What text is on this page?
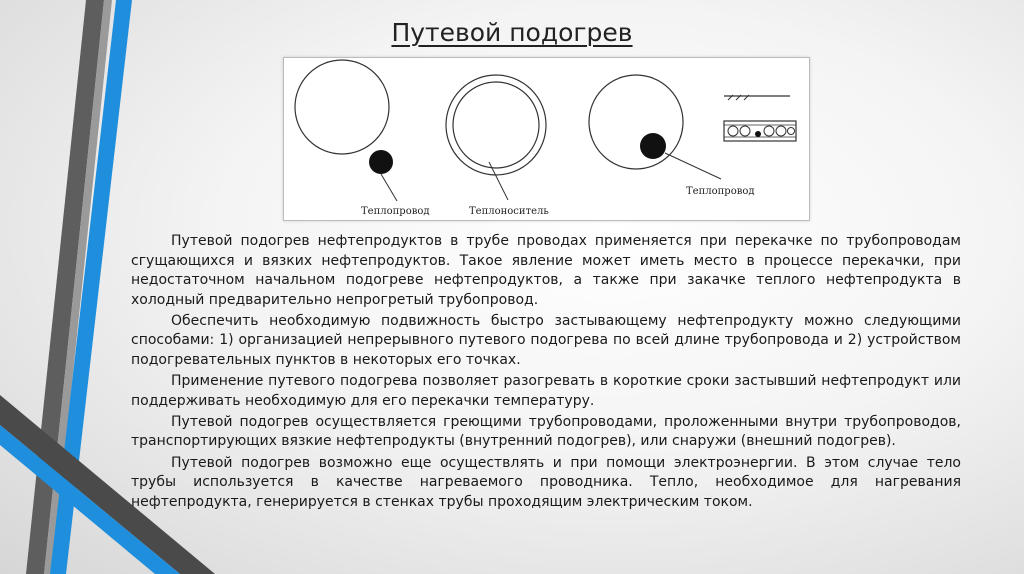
Путевой подогрев
Теплопровод	Теплоноситель
Теплопровод

Путевой подогрев нефтепродуктов в трубе проводах применяется при перекачке по трубопроводам сгущающихся и вязких нефтепродуктов. Такое явление может иметь место в процессе перекачки, при недостаточном начальном подогреве нефтепродуктов, а также при закачке теплого нефтепродукта в холодный предварительно непрогретый трубопровод.

Обеспечить необходимую подвижность быстро застывающему нефтепродукту можно следующими способами: 1) организацией непрерывного путевого подогрева по всей длине трубопровода и 2) устройством подогревательных пунктов в некоторых его точках.

Применение путевого подогрева позволяет разогревать в короткие сроки застывший нефтепродукт или поддерживать необходимую для его перекачки температуру.

Путевой подогрев осуществляется греющими трубопроводами, проложенными внутри трубопроводов, транспортирующих вязкие нефтепродукты (внутренний подогрев), или снаружи (внешний подогрев).

Путевой подогрев возможно еще осуществлять и при помощи электроэнергии. В этом случае тело трубы используется в качестве нагреваемого проводника. Тепло, необходимое для нагревания нефтепродукта, генерируется в стенках трубы проходящим электрическим током.
